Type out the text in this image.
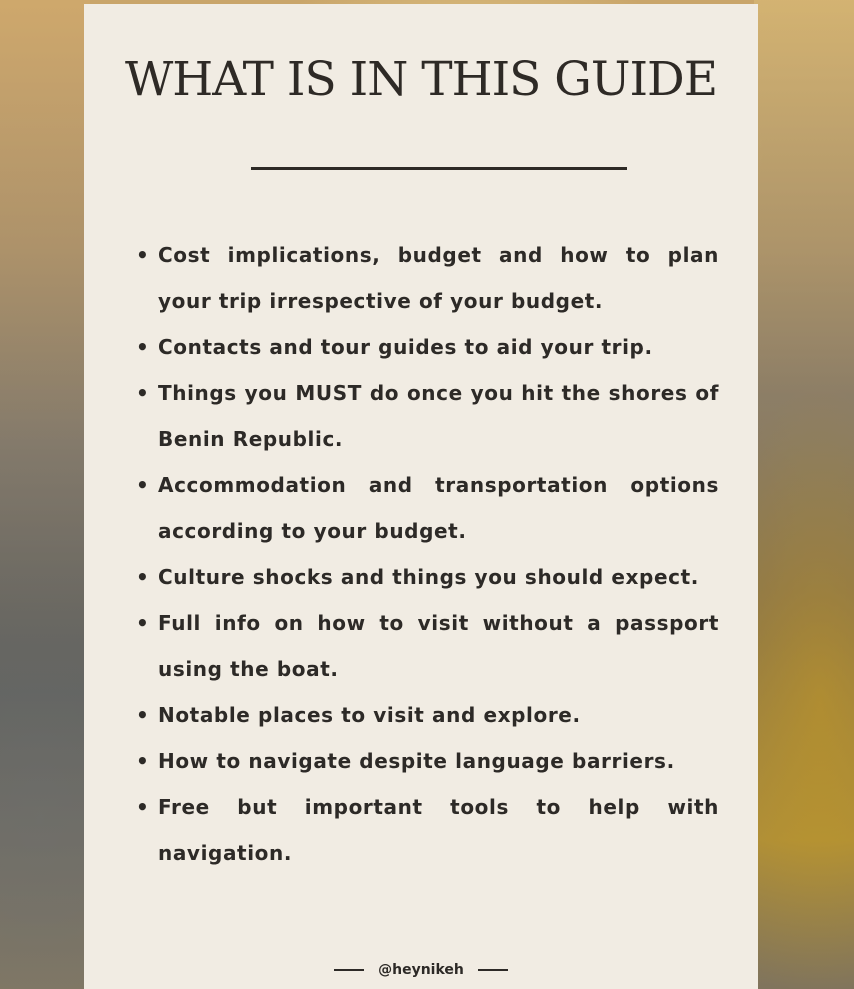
WHAT IS IN THIS GUIDE
• Cost implications, budget and how to plan your trip irrespective of your budget.
• Contacts and tour guides to aid your trip.
• Things you MUST do once you hit the shores of Benin Republic.
• Accommodation and transportation options according to your budget.
• Culture shocks and things you should expect.
• Full info on how to visit without a passport using the boat.
• Notable places to visit and explore.
• How to navigate despite language barriers.
• Free but important tools to help with navigation.
@heynikeh
